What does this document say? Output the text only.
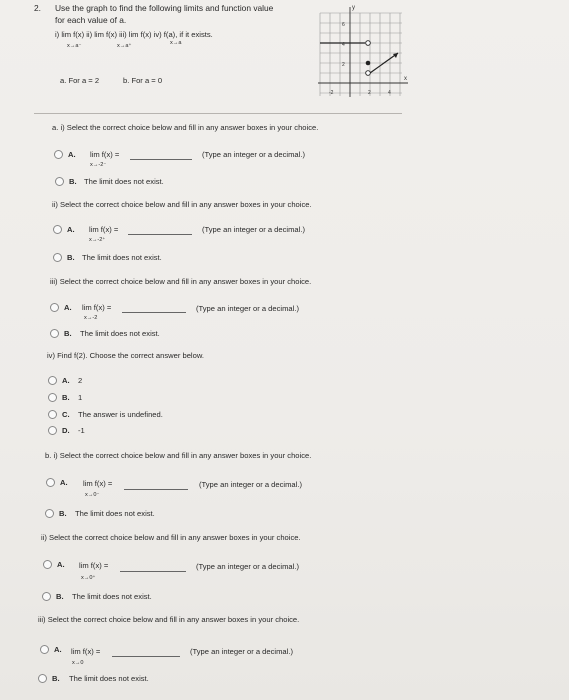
2. Use the graph to find the following limits and function value
for each value of a.
i) lim f(x) ii) lim f(x) iii) lim f(x) iv) f(a), if it exists.
x→a⁻	x→a⁺	x→a
a. For a = 2	b. For a = 0
y
x
6
4
2
-2	2	4
a. i) Select the correct choice below and fill in any answer boxes in your choice.
A. lim f(x) =
x→-2⁻
(Type an integer or a decimal.)
B. The limit does not exist.
ii) Select the correct choice below and fill in any answer boxes in your choice.
A. lim f(x) =
x→-2⁺
(Type an integer or a decimal.)
B. The limit does not exist.
iii) Select the correct choice below and fill in any answer boxes in your choice.
A. lim f(x) =
x→-2
(Type an integer or a decimal.)
B. The limit does not exist.
iv) Find f(2). Choose the correct answer below.
A. 2
B. 1
C. The answer is undefined.
D. -1
b. i) Select the correct choice below and fill in any answer boxes in your choice.
A. lim f(x) =
x→0⁻
(Type an integer or a decimal.)
B. The limit does not exist.
ii) Select the correct choice below and fill in any answer boxes in your choice.
A. lim f(x) =
x→0⁺
(Type an integer or a decimal.)
B. The limit does not exist.
iii) Select the correct choice below and fill in any answer boxes in your choice.
A. lim f(x) =
x→0
(Type an integer or a decimal.)
B. The limit does not exist.
